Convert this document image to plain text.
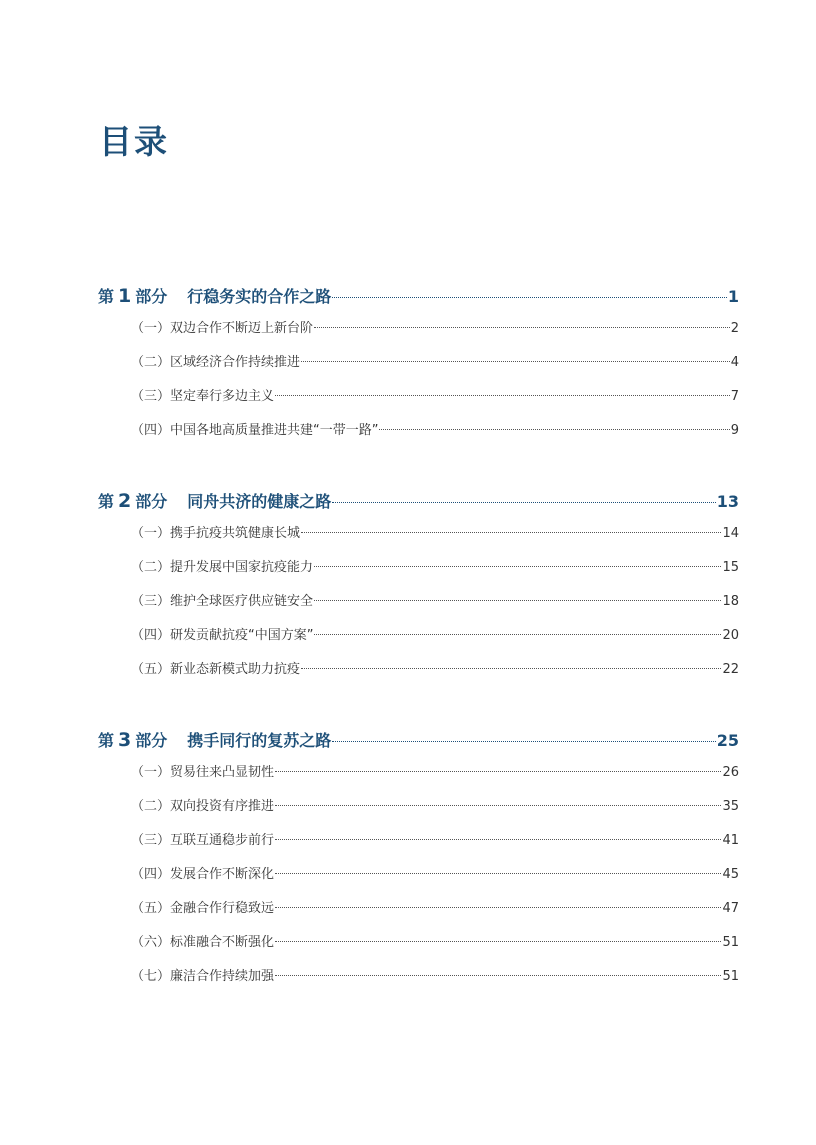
目录
第 1 部分 行稳务实的合作之路	1
（一）双边合作不断迈上新台阶	2
（二）区域经济合作持续推进	4
（三）坚定奉行多边主义	7
（四）中国各地高质量推进共建“一带一路”	9
第 2 部分 同舟共济的健康之路	13
（一）携手抗疫共筑健康长城	14
（二）提升发展中国家抗疫能力	15
（三）维护全球医疗供应链安全	18
（四）研发贡献抗疫“中国方案”	20
（五）新业态新模式助力抗疫	22
第 3 部分 携手同行的复苏之路	25
（一）贸易往来凸显韧性	26
（二）双向投资有序推进	35
（三）互联互通稳步前行	41
（四）发展合作不断深化	45
（五）金融合作行稳致远	47
（六）标准融合不断强化	51
（七）廉洁合作持续加强	51
